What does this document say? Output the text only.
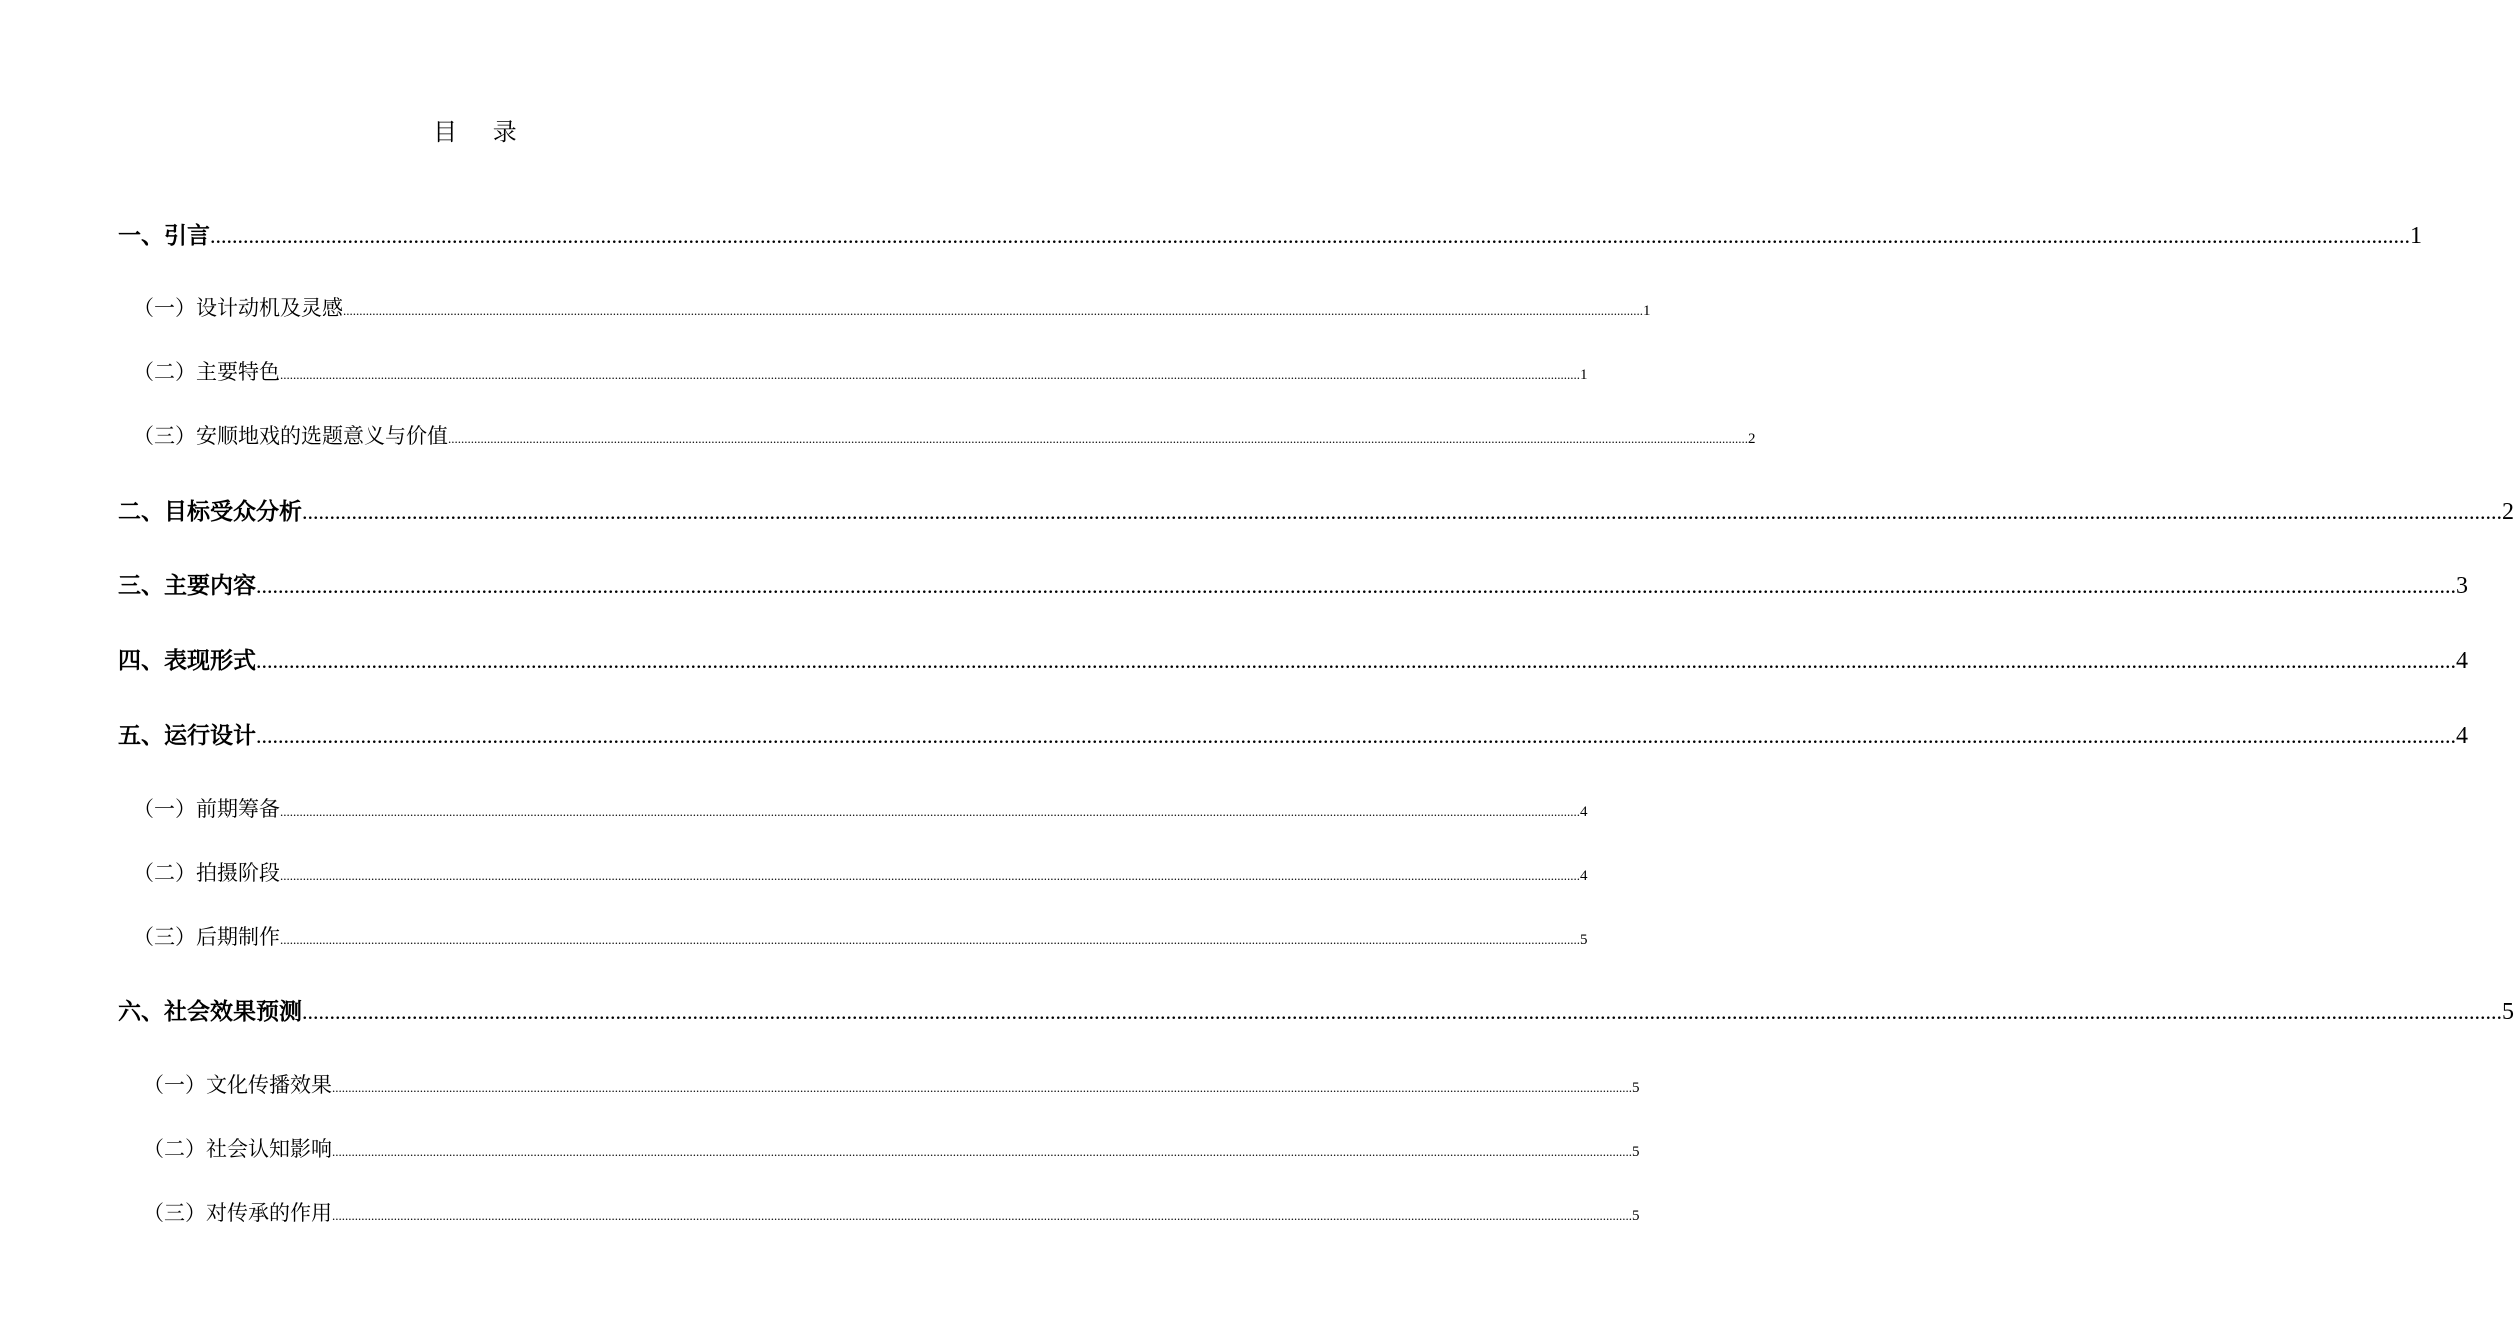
目 录
一、引言 ................................................................................................................................................................................................................................................................................................................................................................................................................ 1
（一）设计动机及灵感 ................................................................................................................................................................................................................................................................................................................................................................................................................ 1
（二）主要特色 ................................................................................................................................................................................................................................................................................................................................................................................................................ 1
（三）安顺地戏的选题意义与价值 ................................................................................................................................................................................................................................................................................................................................................................................................................ 2
二、目标受众分析 ................................................................................................................................................................................................................................................................................................................................................................................................................ 2
三、主要内容 ................................................................................................................................................................................................................................................................................................................................................................................................................ 3
四、表现形式 ................................................................................................................................................................................................................................................................................................................................................................................................................ 4
五、运行设计 ................................................................................................................................................................................................................................................................................................................................................................................................................ 4
（一）前期筹备 ................................................................................................................................................................................................................................................................................................................................................................................................................ 4
（二）拍摄阶段 ................................................................................................................................................................................................................................................................................................................................................................................................................ 4
（三）后期制作 ................................................................................................................................................................................................................................................................................................................................................................................................................ 5
六、社会效果预测 ................................................................................................................................................................................................................................................................................................................................................................................................................ 5
（一）文化传播效果 ................................................................................................................................................................................................................................................................................................................................................................................................................ 5
（二）社会认知影响 ................................................................................................................................................................................................................................................................................................................................................................................................................ 5
（三）对传承的作用 ................................................................................................................................................................................................................................................................................................................................................................................................................ 5
